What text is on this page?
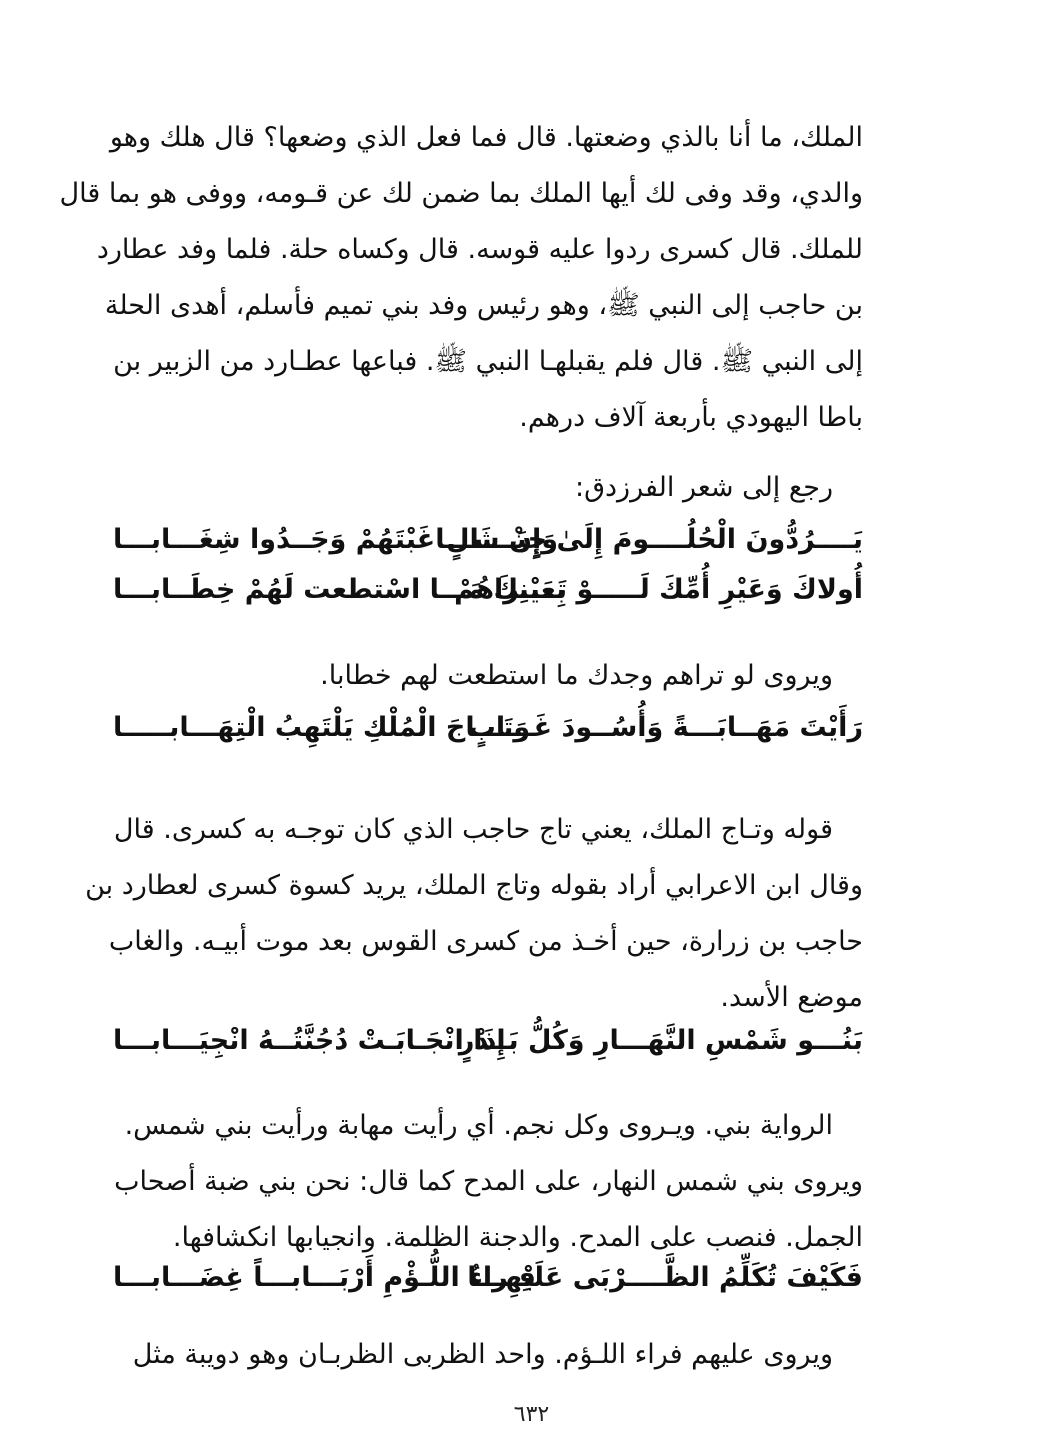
الملك، ما أنا بالذي وضعتها. قال فما فعل الذي وضعها؟ قال هلك وهو
والدي، وقد وفى لك أيها الملك بما ضمن لك عن قـومه، ووفى هو بما قال
للملك. قال كسرى ردوا عليه قوسه. قال وكساه حلة. فلما وفد عطارد
بن حاجب إلى النبي ﷺ، وهو رئيس وفد بني تميم فأسلم، أهدى الحلة
إلى النبي ﷺ. قال فلم يقبلهـا النبي ﷺ. فباعها عطـارد من الزبير بن
باطا اليهودي بأربعة آلاف درهم.

رجع إلى شعر الفرزدق:

يَــــرُدُّونَ الْحُلُــــومَ إِلَىٰ جِبَــــالٍ
وَإِنْ شَـــاغَبْتَهُمْ وَجَــدُوا شِغَـــابـــا
أُولاكَ وَعَيْرِ أُمِّكَ لَـــــوْ تَــــراهُمْ
بِعَيْنِكَ مَـــا اسْتطعت لَهُمْ خِطَــابـــا

ويروى لو تراهم وجدك ما استطعت لهم خطابا.

رَأَيْتَ مَهَــابَـــةً وَأُسُــودَ غَـــابٍ
وَتَـــاجَ الْمُلْكِ يَلْتَهِبُ الْتِهَـــابـــــا

قوله وتـاج الملك، يعني تاج حاجب الذي كان توجـه به كسرى. قال
وقال ابن الاعرابي أراد بقوله وتاج الملك، يريد كسوة كسرى لعطارد بن
حاجب بن زرارة، حين أخـذ من كسرى القوس بعد موت أبيـه. والغاب
موضع الأسد.

بَنُـــو شَمْسِ النَّهَـــارِ وَكُلُّ بَــدْرٍ
إِذَا انْجَـابَـتْ دُجُنَّتُــهُ انْجِيَـــابـــا

الرواية بني. ويـروى وكل نجم. أي رأيت مهابة ورأيت بني شمس.
ويروى بني شمس النهار، على المدح كما قال: نحن بني ضبة أصحاب
الجمل. فنصب على المدح. والدجنة الظلمة. وانجيابها انكشافها.

فَكَيْفَ تُكَلِّمُ الظَّــــرْبَى عَلَيْهِـــا
فِـراءُ اللُّـؤْمِ أَرْبَـــابـــاً غِضَـــابـــا

ويروى عليهم فراء اللـؤم. واحد الظربى الظربـان وهو دويبة مثل

٦٣٢
